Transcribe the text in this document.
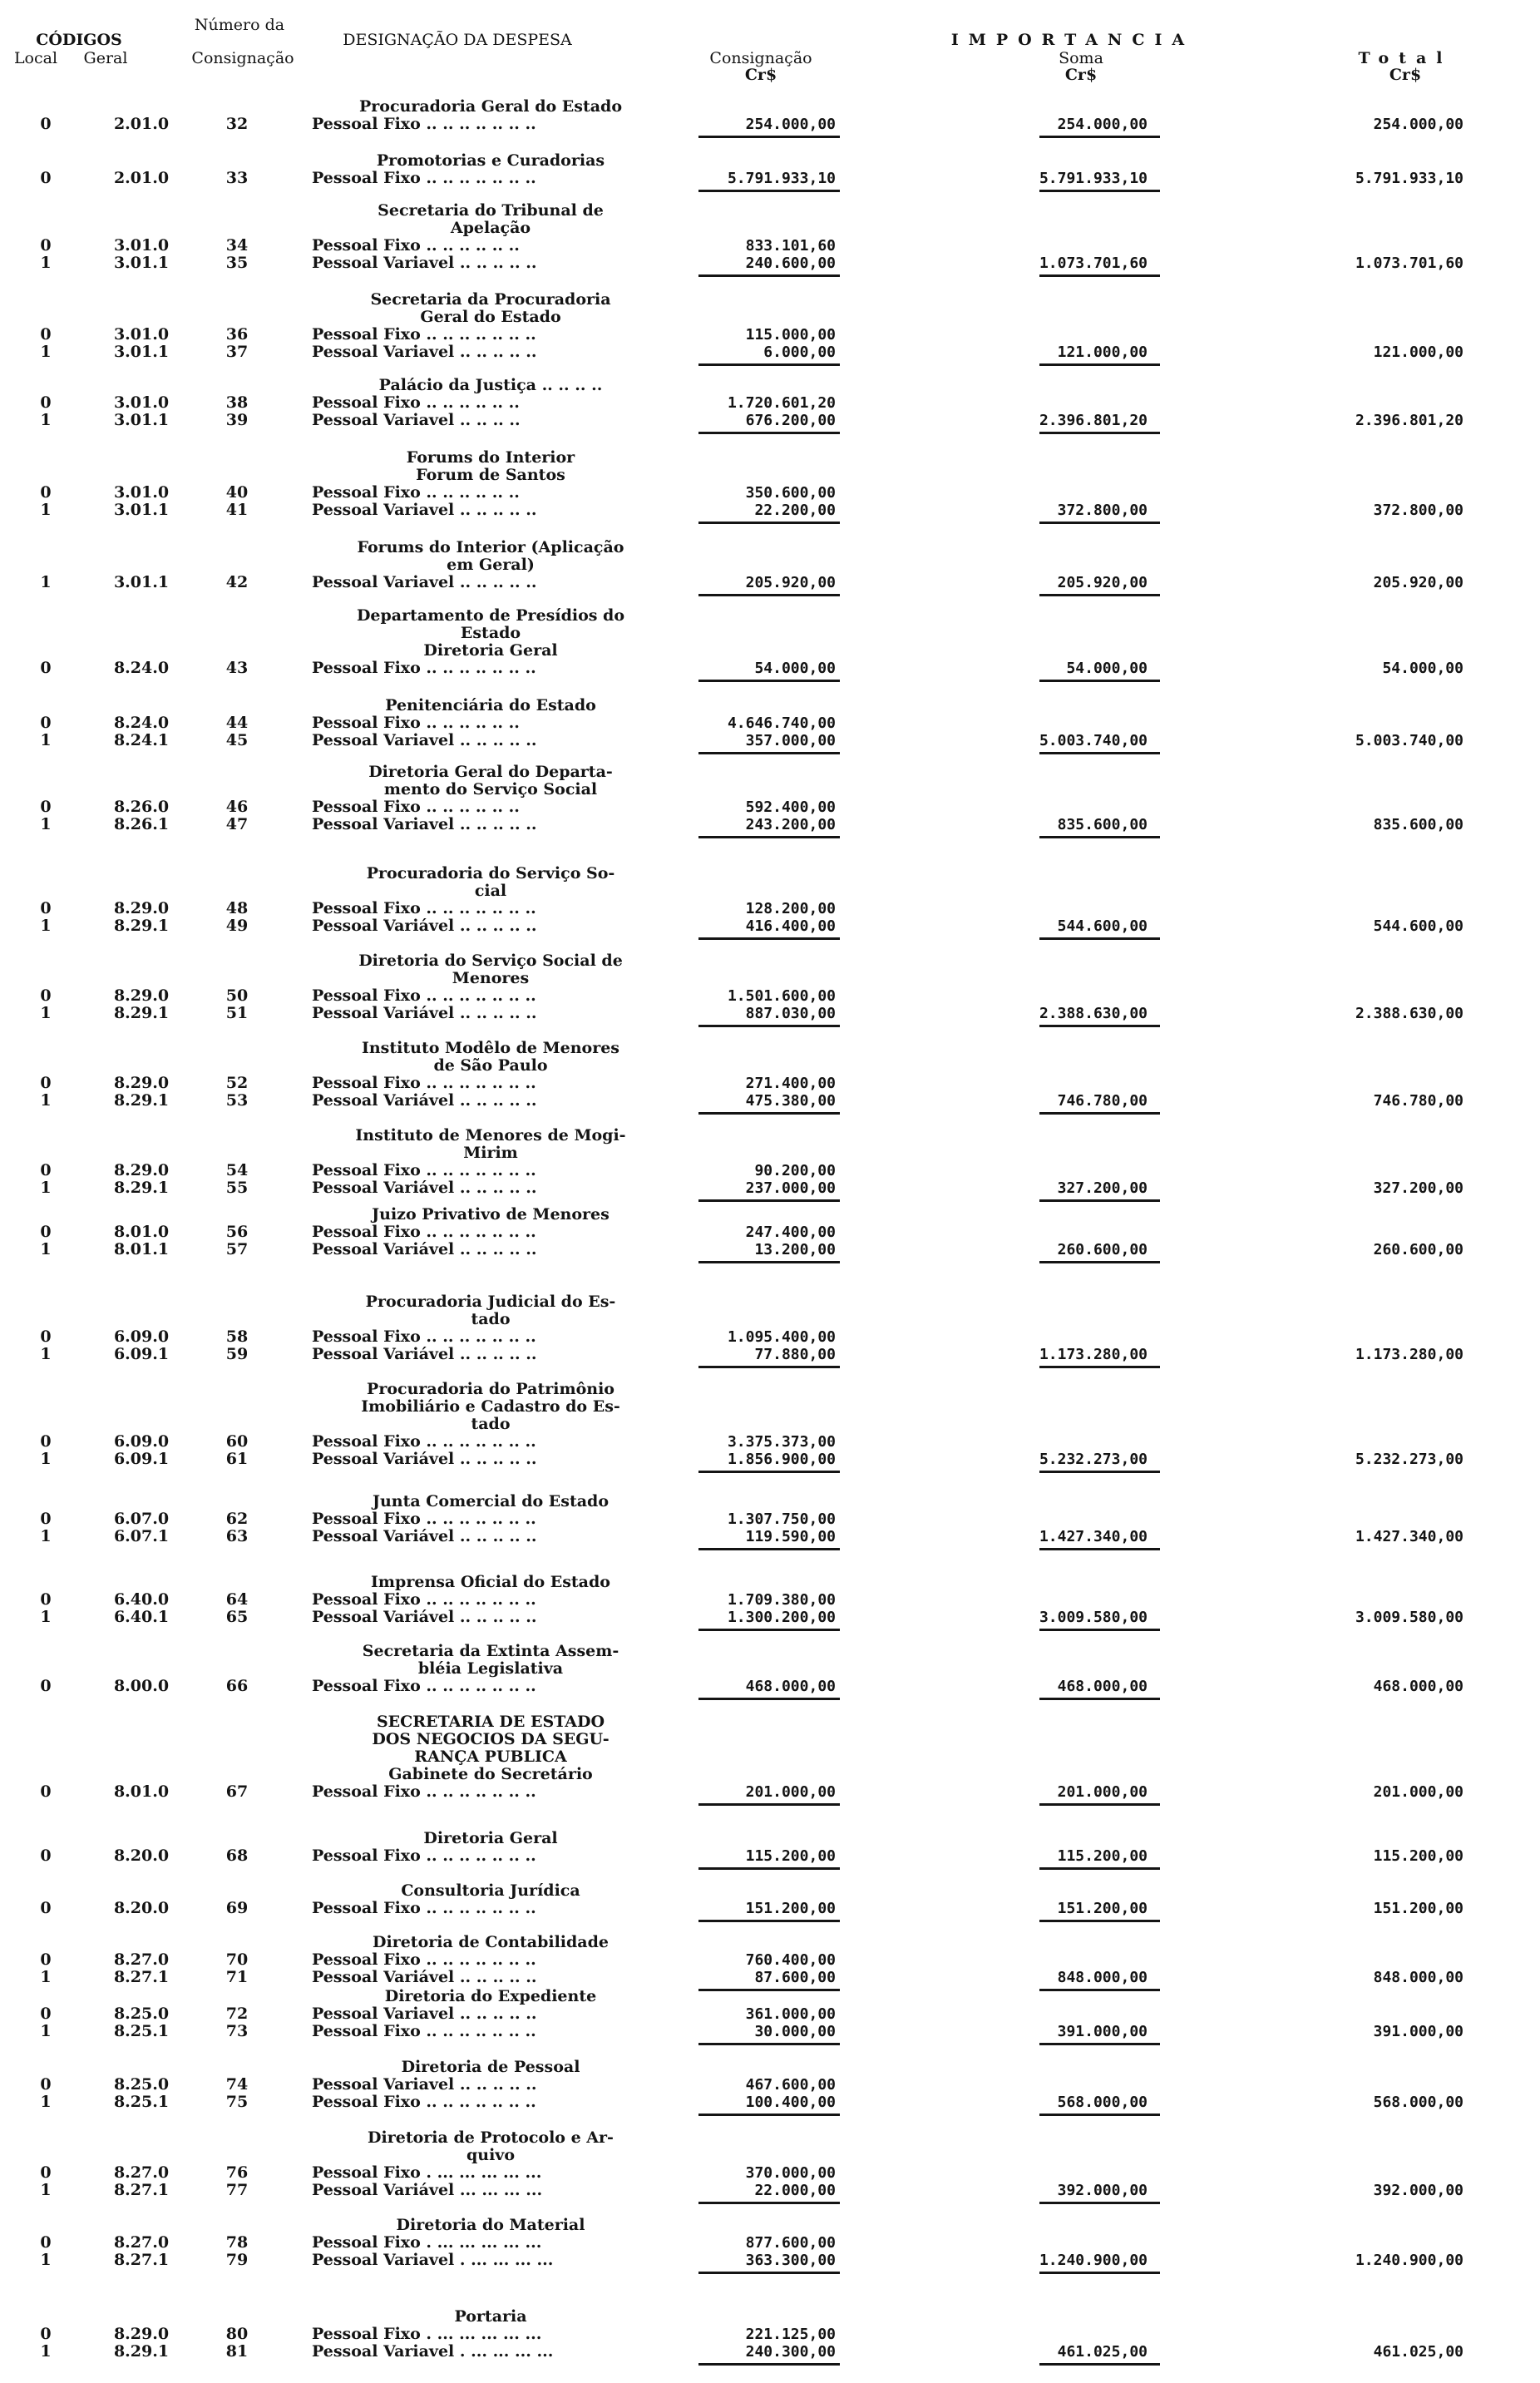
CÓDIGOS
Local	Geral
Número da
Consignação
DESIGNAÇÃO DA DESPESA
Consignação
Cr$
IMPORTANCIA
Soma
Cr$
Total
Cr$
Procuradoria Geral do Estado
0	2.01.0	32	Pessoal Fixo .. .. .. .. .. .. ..	254.000,00	254.000,00	254.000,00
Promotorias e Curadorias
0	2.01.0	33	Pessoal Fixo .. .. .. .. .. .. ..	5.791.933,10	5.791.933,10	5.791.933,10
Secretaria do Tribunal de
Apelação
0	3.01.0	34	Pessoal Fixo .. .. .. .. .. ..	833.101,60
1	3.01.1	35	Pessoal Variavel .. .. .. .. ..	240.600,00	1.073.701,60	1.073.701,60
Secretaria da Procuradoria
Geral do Estado
0	3.01.0	36	Pessoal Fixo .. .. .. .. .. .. ..	115.000,00
1	3.01.1	37	Pessoal Variavel .. .. .. .. ..	6.000,00	121.000,00	121.000,00
Palácio da Justiça .. .. .. ..
0	3.01.0	38	Pessoal Fixo .. .. .. .. .. ..	1.720.601,20
1	3.01.1	39	Pessoal Variavel .. .. .. ..	676.200,00	2.396.801,20	2.396.801,20
Forums do Interior
Forum de Santos
0	3.01.0	40	Pessoal Fixo .. .. .. .. .. ..	350.600,00
1	3.01.1	41	Pessoal Variavel .. .. .. .. ..	22.200,00	372.800,00	372.800,00
Forums do Interior (Aplicação
em Geral)
1	3.01.1	42	Pessoal Variavel .. .. .. .. ..	205.920,00	205.920,00	205.920,00
Departamento de Presídios do
Estado
Diretoria Geral
0	8.24.0	43	Pessoal Fixo .. .. .. .. .. .. ..	54.000,00	54.000,00	54.000,00
Penitenciária do Estado
0	8.24.0	44	Pessoal Fixo .. .. .. .. .. ..	4.646.740,00
1	8.24.1	45	Pessoal Variavel .. .. .. .. ..	357.000,00	5.003.740,00	5.003.740,00
Diretoria Geral do Departa-
mento do Serviço Social
0	8.26.0	46	Pessoal Fixo .. .. .. .. .. ..	592.400,00
1	8.26.1	47	Pessoal Variavel .. .. .. .. ..	243.200,00	835.600,00	835.600,00
Procuradoria do Serviço So-
cial
0	8.29.0	48	Pessoal Fixo .. .. .. .. .. .. ..	128.200,00
1	8.29.1	49	Pessoal Variável .. .. .. .. ..	416.400,00	544.600,00	544.600,00
Diretoria do Serviço Social de
Menores
0	8.29.0	50	Pessoal Fixo .. .. .. .. .. .. ..	1.501.600,00
1	8.29.1	51	Pessoal Variável .. .. .. .. ..	887.030,00	2.388.630,00	2.388.630,00
Instituto Modêlo de Menores
de São Paulo
0	8.29.0	52	Pessoal Fixo .. .. .. .. .. .. ..	271.400,00
1	8.29.1	53	Pessoal Variável .. .. .. .. ..	475.380,00	746.780,00	746.780,00
Instituto de Menores de Mogi-
Mirim
0	8.29.0	54	Pessoal Fixo .. .. .. .. .. .. ..	90.200,00
1	8.29.1	55	Pessoal Variável .. .. .. .. ..	237.000,00	327.200,00	327.200,00
Juizo Privativo de Menores
0	8.01.0	56	Pessoal Fixo .. .. .. .. .. .. ..	247.400,00
1	8.01.1	57	Pessoal Variável .. .. .. .. ..	13.200,00	260.600,00	260.600,00
Procuradoria Judicial do Es-
tado
0	6.09.0	58	Pessoal Fixo .. .. .. .. .. .. ..	1.095.400,00
1	6.09.1	59	Pessoal Variável .. .. .. .. ..	77.880,00	1.173.280,00	1.173.280,00
Procuradoria do Patrimônio
Imobiliário e Cadastro do Es-
tado
0	6.09.0	60	Pessoal Fixo .. .. .. .. .. .. ..	3.375.373,00
1	6.09.1	61	Pessoal Variável .. .. .. .. ..	1.856.900,00	5.232.273,00	5.232.273,00
Junta Comercial do Estado
0	6.07.0	62	Pessoal Fixo .. .. .. .. .. .. ..	1.307.750,00
1	6.07.1	63	Pessoal Variável .. .. .. .. ..	119.590,00	1.427.340,00	1.427.340,00
Imprensa Oficial do Estado
0	6.40.0	64	Pessoal Fixo .. .. .. .. .. .. ..	1.709.380,00
1	6.40.1	65	Pessoal Variável .. .. .. .. ..	1.300.200,00	3.009.580,00	3.009.580,00
Secretaria da Extinta Assem-
bléia Legislativa
0	8.00.0	66	Pessoal Fixo .. .. .. .. .. .. ..	468.000,00	468.000,00	468.000,00
SECRETARIA DE ESTADO
DOS NEGOCIOS DA SEGU-
RANÇA PUBLICA
Gabinete do Secretário
0	8.01.0	67	Pessoal Fixo .. .. .. .. .. .. ..	201.000,00	201.000,00	201.000,00
Diretoria Geral
0	8.20.0	68	Pessoal Fixo .. .. .. .. .. .. ..	115.200,00	115.200,00	115.200,00
Consultoria Jurídica
0	8.20.0	69	Pessoal Fixo .. .. .. .. .. .. ..	151.200,00	151.200,00	151.200,00
Diretoria de Contabilidade
0	8.27.0	70	Pessoal Fixo .. .. .. .. .. .. ..	760.400,00
1	8.27.1	71	Pessoal Variável .. .. .. .. ..	87.600,00	848.000,00	848.000,00
Diretoria do Expediente
0	8.25.0	72	Pessoal Variavel .. .. .. .. ..	361.000,00
1	8.25.1	73	Pessoal Fixo .. .. .. .. .. .. ..	30.000,00	391.000,00	391.000,00
Diretoria de Pessoal
0	8.25.0	74	Pessoal Variavel .. .. .. .. ..	467.600,00
1	8.25.1	75	Pessoal Fixo .. .. .. .. .. .. ..	100.400,00	568.000,00	568.000,00
Diretoria de Protocolo e Ar-
quivo
0	8.27.0	76	Pessoal Fixo . ... ... ... ... ...	370.000,00
1	8.27.1	77	Pessoal Variável ... ... ... ...	22.000,00	392.000,00	392.000,00
Diretoria do Material
0	8.27.0	78	Pessoal Fixo . ... ... ... ... ...	877.600,00
1	8.27.1	79	Pessoal Variavel . ... ... ... ...	363.300,00	1.240.900,00	1.240.900,00
Portaria
0	8.29.0	80	Pessoal Fixo . ... ... ... ... ...	221.125,00
1	8.29.1	81	Pessoal Variavel . ... ... ... ...	240.300,00	461.025,00	461.025,00
